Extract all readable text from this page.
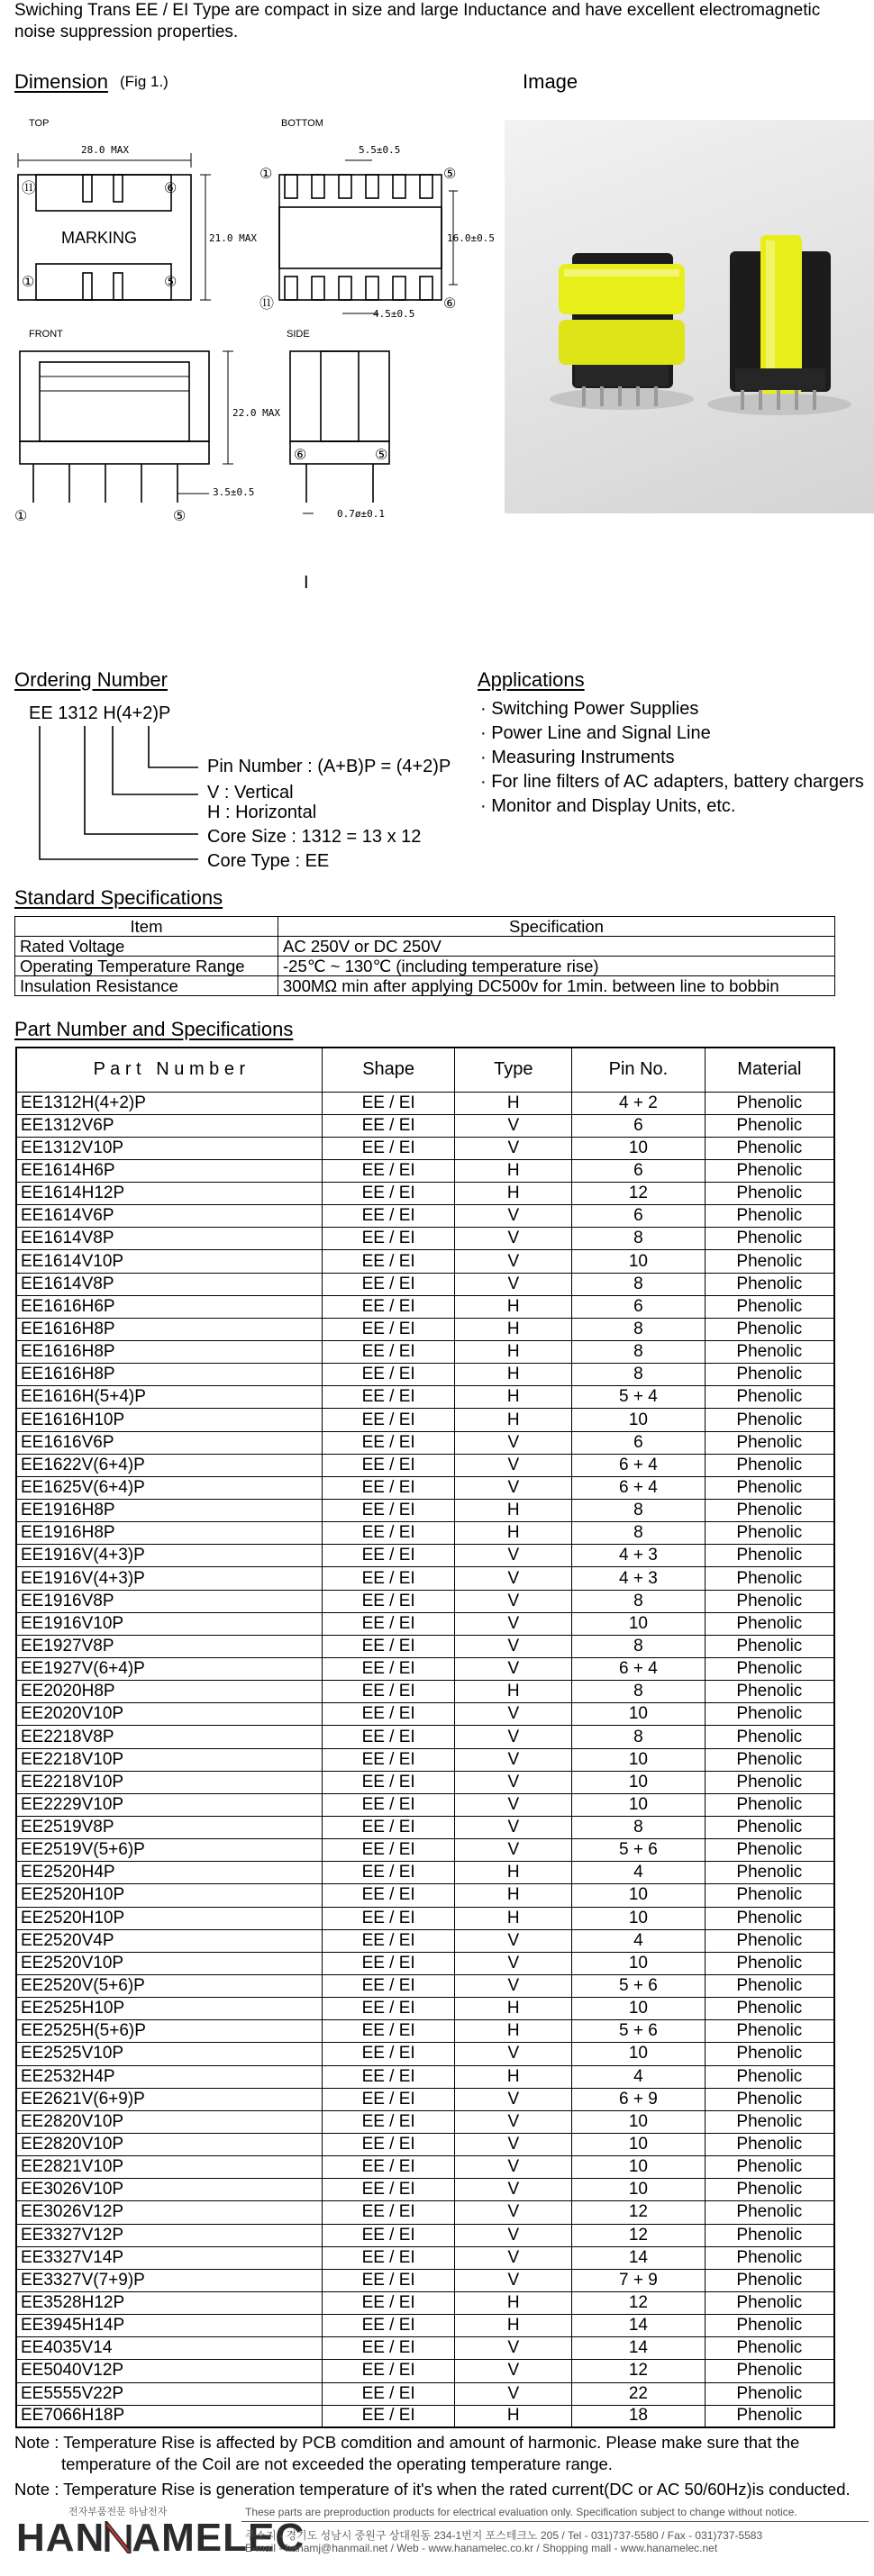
Swiching Trans EE / EI Type are compact in size and large Inductance and have excellent electromagnetic
noise suppression properties.
Dimension (Fig 1.)
TOP	BOTTOM
FRONT	SIDE
MARKING
28.0 MAX
21.0 MAX
5.5±0.5
16.0±0.5
4.5±0.5
22.0 MAX
3.5±0.5
0.7ø±0.1
⑪	⑥
①	⑤
①	⑤
⑪	⑥
①	⑤
⑥	⑤
I
Image
Ordering Number
EE 1312 H(4+2)P
Pin Number : (A+B)P = (4+2)P
V : Vertical
H : Horizontal
Core Size : 1312 = 13 x 12
Core Type : EE
Applications
· Switching Power Supplies
· Power Line and Signal Line
· Measuring Instruments
· For line filters of AC adapters, battery chargers
· Monitor and Display Units, etc.
Standard Specifications
Item	Specification
Rated Voltage	AC 250V or DC 250V
Operating Temperature Range	-25℃ ~ 130℃ (including temperature rise)
Insulation Resistance	300MΩ min after applying DC500v for 1min. between line to bobbin
Part Number and Specifications
P a r t   N u m b e r	Shape	Type	Pin No.	Material
EE1312H(4+2)P	EE / EI	H	4 + 2	Phenolic
EE1312V6P	EE / EI	V	6	Phenolic
EE1312V10P	EE / EI	V	10	Phenolic
EE1614H6P	EE / EI	H	6	Phenolic
EE1614H12P	EE / EI	H	12	Phenolic
EE1614V6P	EE / EI	V	6	Phenolic
EE1614V8P	EE / EI	V	8	Phenolic
EE1614V10P	EE / EI	V	10	Phenolic
EE1614V8P	EE / EI	V	8	Phenolic
EE1616H6P	EE / EI	H	6	Phenolic
EE1616H8P	EE / EI	H	8	Phenolic
EE1616H8P	EE / EI	H	8	Phenolic
EE1616H8P	EE / EI	H	8	Phenolic
EE1616H(5+4)P	EE / EI	H	5 + 4	Phenolic
EE1616H10P	EE / EI	H	10	Phenolic
EE1616V6P	EE / EI	V	6	Phenolic
EE1622V(6+4)P	EE / EI	V	6 + 4	Phenolic
EE1625V(6+4)P	EE / EI	V	6 + 4	Phenolic
EE1916H8P	EE / EI	H	8	Phenolic
EE1916H8P	EE / EI	H	8	Phenolic
EE1916V(4+3)P	EE / EI	V	4 + 3	Phenolic
EE1916V(4+3)P	EE / EI	V	4 + 3	Phenolic
EE1916V8P	EE / EI	V	8	Phenolic
EE1916V10P	EE / EI	V	10	Phenolic
EE1927V8P	EE / EI	V	8	Phenolic
EE1927V(6+4)P	EE / EI	V	6 + 4	Phenolic
EE2020H8P	EE / EI	H	8	Phenolic
EE2020V10P	EE / EI	V	10	Phenolic
EE2218V8P	EE / EI	V	8	Phenolic
EE2218V10P	EE / EI	V	10	Phenolic
EE2218V10P	EE / EI	V	10	Phenolic
EE2229V10P	EE / EI	V	10	Phenolic
EE2519V8P	EE / EI	V	8	Phenolic
EE2519V(5+6)P	EE / EI	V	5 + 6	Phenolic
EE2520H4P	EE / EI	H	4	Phenolic
EE2520H10P	EE / EI	H	10	Phenolic
EE2520H10P	EE / EI	H	10	Phenolic
EE2520V4P	EE / EI	V	4	Phenolic
EE2520V10P	EE / EI	V	10	Phenolic
EE2520V(5+6)P	EE / EI	V	5 + 6	Phenolic
EE2525H10P	EE / EI	H	10	Phenolic
EE2525H(5+6)P	EE / EI	H	5 + 6	Phenolic
EE2525V10P	EE / EI	V	10	Phenolic
EE2532H4P	EE / EI	H	4	Phenolic
EE2621V(6+9)P	EE / EI	V	6 + 9	Phenolic
EE2820V10P	EE / EI	V	10	Phenolic
EE2820V10P	EE / EI	V	10	Phenolic
EE2821V10P	EE / EI	V	10	Phenolic
EE3026V10P	EE / EI	V	10	Phenolic
EE3026V12P	EE / EI	V	12	Phenolic
EE3327V12P	EE / EI	V	12	Phenolic
EE3327V14P	EE / EI	V	14	Phenolic
EE3327V(7+9)P	EE / EI	V	7 + 9	Phenolic
EE3528H12P	EE / EI	H	12	Phenolic
EE3945H14P	EE / EI	H	14	Phenolic
EE4035V14	EE / EI	V	14	Phenolic
EE5040V12P	EE / EI	V	12	Phenolic
EE5555V22P	EE / EI	V	22	Phenolic
EE7066H18P	EE / EI	H	18	Phenolic
Note : Temperature Rise is affected by PCB comdition and amount of harmonic. Please make sure that the
temperature of the Coil are not exceeded the operating temperature range.
Note : Temperature Rise is generation temperature of it's when the rated current(DC or AC 50/60Hz)is conducted.
전자부품전문 하남전자
HAN AMELEC
These parts are preproduction products for electrical evaluation only. Specification subject to change without notice.
주소지 - 경기도 성남시 중원구 상대원동 234-1번지 포스테크노 205 / Tel - 031)737-5580 / Fax - 031)737-5583
E-mail - hanamj@hanmail.net / Web - www.hanamelec.co.kr / Shopping mall - www.hanamelec.net
